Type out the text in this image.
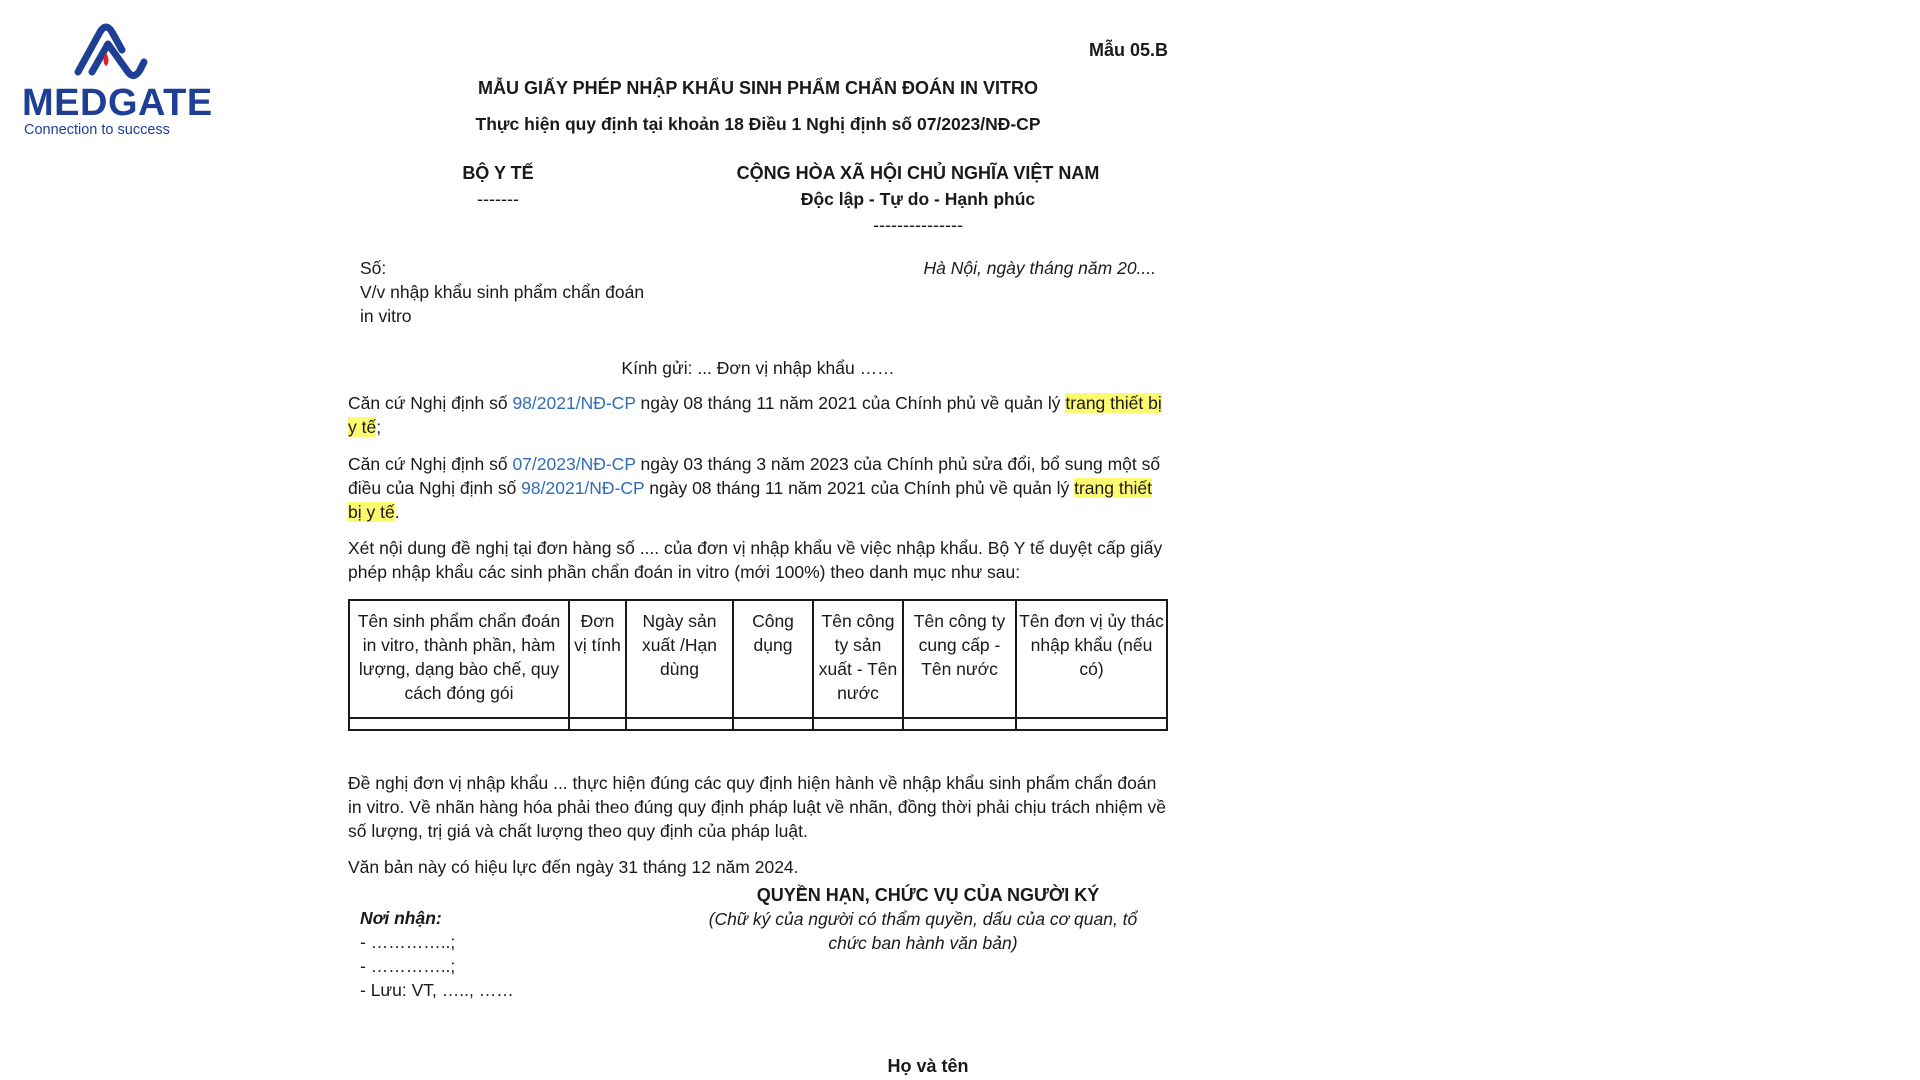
MEDGATE
Connection to success
Mẫu 05.B
MẪU GIẤY PHÉP NHẬP KHẨU SINH PHẨM CHẨN ĐOÁN IN VITRO
Thực hiện quy định tại khoản 18 Điều 1 Nghị định số 07/2023/NĐ-CP
BỘ Y TẾ
-------
CỘNG HÒA XÃ HỘI CHỦ NGHĨA VIỆT NAM
Độc lập - Tự do - Hạnh phúc
---------------
Số:
V/v nhập khẩu sinh phẩm chẩn đoán in vitro
Hà Nội, ngày tháng năm 20....
Kính gửi: ... Đơn vị nhập khẩu ……
Căn cứ Nghị định số 98/2021/NĐ-CP ngày 08 tháng 11 năm 2021 của Chính phủ về quản lý trang thiết bị y tế;
Căn cứ Nghị định số 07/2023/NĐ-CP ngày 03 tháng 3 năm 2023 của Chính phủ sửa đổi, bổ sung một số điều của Nghị định số 98/2021/NĐ-CP ngày 08 tháng 11 năm 2021 của Chính phủ về quản lý trang thiết bị y tế.
Xét nội dung đề nghị tại đơn hàng số .... của đơn vị nhập khẩu về việc nhập khẩu. Bộ Y tế duyệt cấp giấy phép nhập khẩu các sinh phần chẩn đoán in vitro (mới 100%) theo danh mục như sau:
Tên sinh phẩm chẩn đoán in vitro, thành phần, hàm lượng, dạng bào chế, quy cách đóng gói	Đơn vị tính	Ngày sản xuất /Hạn dùng	Công dụng	Tên công ty sản xuất - Tên nước	Tên công ty cung cấp - Tên nước	Tên đơn vị ủy thác nhập khẩu (nếu có)

Đề nghị đơn vị nhập khẩu ... thực hiện đúng các quy định hiện hành về nhập khẩu sinh phẩm chẩn đoán in vitro. Về nhãn hàng hóa phải theo đúng quy định pháp luật về nhãn, đồng thời phải chịu trách nhiệm về số lượng, trị giá và chất lượng theo quy định của pháp luật.
Văn bản này có hiệu lực đến ngày 31 tháng 12 năm 2024.
QUYỀN HẠN, CHỨC VỤ CỦA NGƯỜI KÝ
(Chữ ký của người có thẩm quyền, dấu của cơ quan, tổ chức ban hành văn bản)
Nơi nhận:
- …………..;
- …………..;
- Lưu: VT, ….., ……
Họ và tên
